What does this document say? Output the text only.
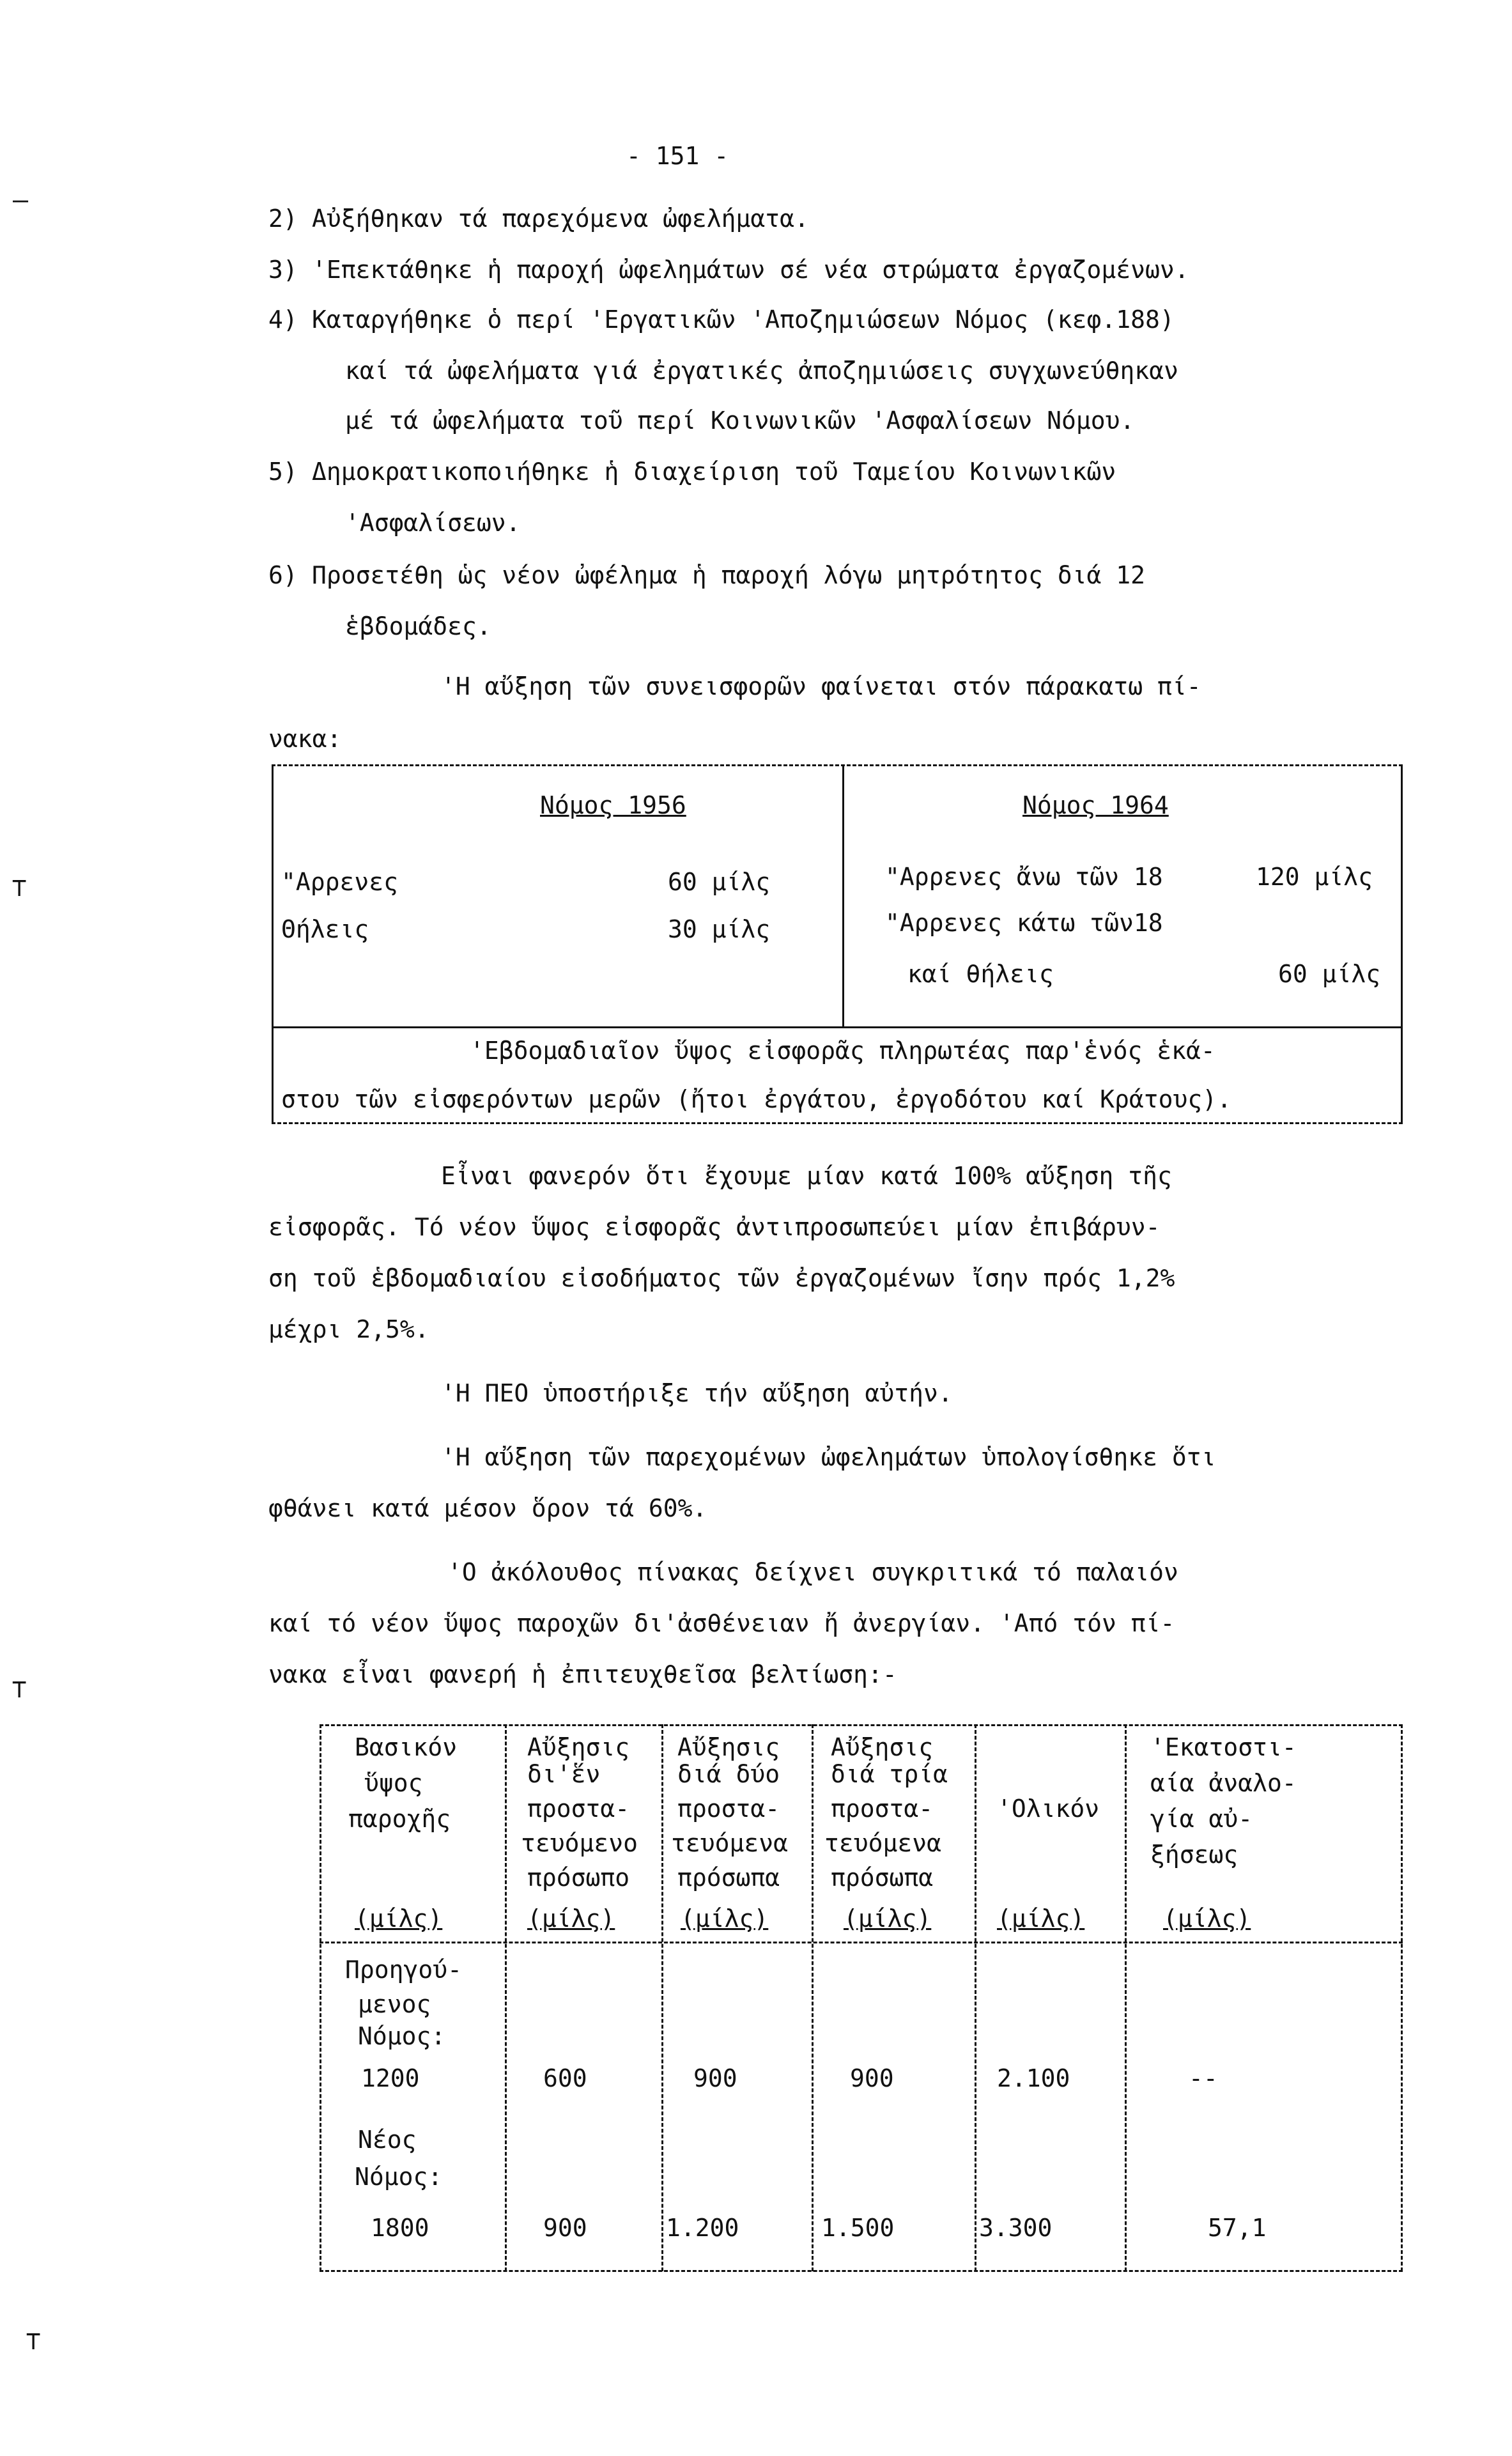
—
⊤
⊤
⊤
- 151 -
2) Αὐξήθηκαν τά παρεχόμενα ὠφελήματα.
3) 'Επεκτάθηκε ἡ παροχή ὠφελημάτων σέ νέα στρώματα ἐργαζομένων.
4) Καταργήθηκε ὁ περί 'Εργατικῶν 'Αποζημιώσεων Νόμος (κεφ.188)
καί τά ὠφελήματα γιά ἐργατικές ἀποζημιώσεις συγχωνεύθηκαν
μέ τά ὠφελήματα τοῦ περί Κοινωνικῶν 'Ασφαλίσεων Νόμου.
5) Δημοκρατικοποιήθηκε ἡ διαχείριση τοῦ Ταμείου Κοινωνικῶν
'Ασφαλίσεων.
6) Προσετέθη ὡς νέον ὠφέλημα ἡ παροχή λόγω μητρότητος διά 12
ἑβδομάδες.
'Η αὔξηση τῶν συνεισφορῶν φαίνεται στόν πάρακατω πί-
νακα:
Νόμος 1956	Νόμος 1964
"Αρρενες	60 μίλς
Θήλεις	30 μίλς
"Αρρενες ἄνω τῶν 18	120 μίλς
"Αρρενες κάτω τῶν18
καί θήλεις	60 μίλς
'Εβδομαδιαῖον ὕψος εἰσφορᾶς πληρωτέας παρ'ἑνός ἑκά-
στου τῶν εἰσφερόντων μερῶν (ἤτοι ἐργάτου, ἐργοδότου καί Κράτους).
Εἶναι φανερόν ὅτι ἔχουμε μίαν κατά 100% αὔξηση τῆς
εἰσφορᾶς. Τό νέον ὕψος εἰσφορᾶς ἀντιπροσωπεύει μίαν ἐπιβάρυν-
ση τοῦ ἑβδομαδιαίου εἰσοδήματος τῶν ἐργαζομένων ἴσην πρός 1,2%
μέχρι 2,5%.
'Η ΠΕΟ ὑποστήριξε τήν αὔξηση αὐτήν.
'Η αὔξηση τῶν παρεχομένων ὠφελημάτων ὑπολογίσθηκε ὅτι
φθάνει κατά μέσον ὅρον τά 60%.
'Ο ἀκόλουθος πίνακας δείχνει συγκριτικά τό παλαιόν
καί τό νέον ὕψος παροχῶν δι'ἀσθένειαν ἤ ἀνεργίαν. 'Από τόν πί-
νακα εἶναι φανερή ἡ ἐπιτευχθεῖσα βελτίωση:-
Βασικόν
ὕψος
παροχῆς
Αὔξησις
δι'ἕν
προστα-
τευόμενο
πρόσωπο
Αὔξησις
διά δύο
προστα-
τευόμενα
πρόσωπα
Αὔξησις
διά τρία
προστα-
τευόμενα
πρόσωπα
'Ολικόν
'Εκατοστι-
αία ἀναλο-
γία αὐ-
ξήσεως
(μίλς)	(μίλς)	(μίλς)	(μίλς)	(μίλς)	(μίλς)
Προηγού-
μενος
Νόμος:
1200	600	900	900	2.100	--
Νέος
Νόμος:
1800	900	1.200	1.500	3.300	57,1
